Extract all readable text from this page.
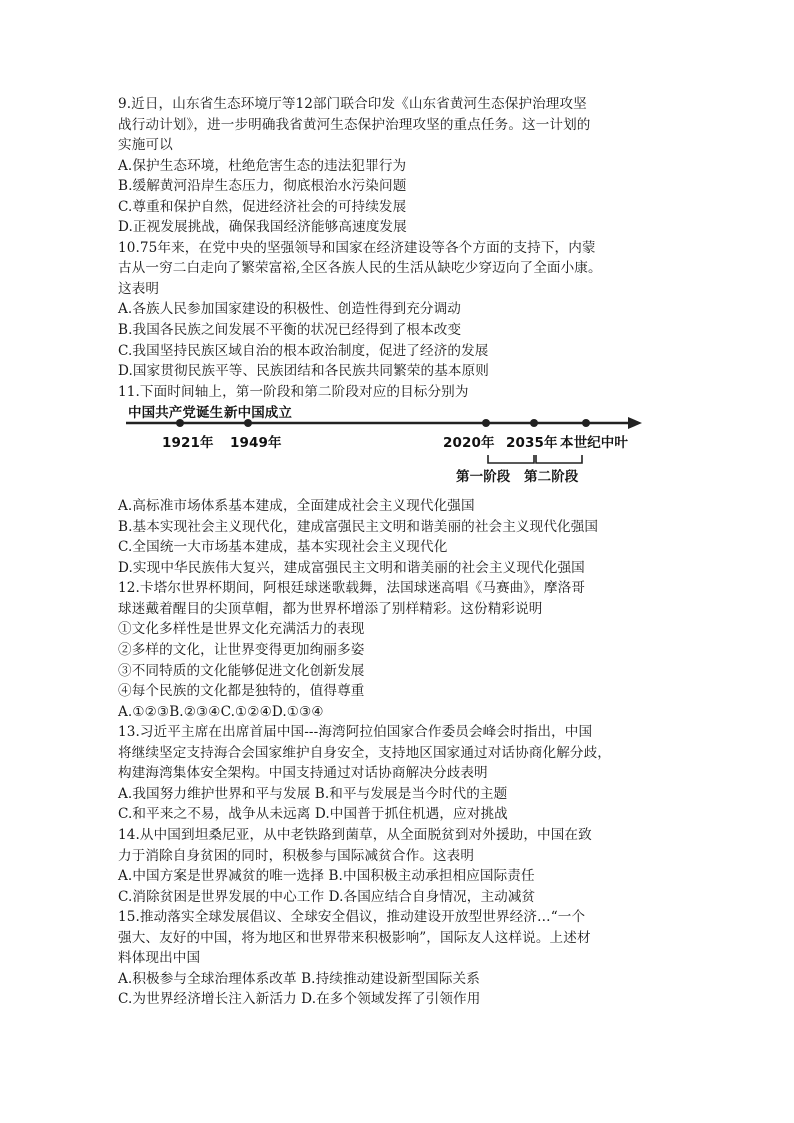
9.近日，山东省生态环境厅等12部门联合印发《山东省黄河生态保护治理攻坚
战行动计划》，进一步明确我省黄河生态保护治理攻坚的重点任务。这一计划的
实施可以
A.保护生态环境，杜绝危害生态的违法犯罪行为
B.缓解黄河沿岸生态压力，彻底根治水污染问题
C.尊重和保护自然，促进经济社会的可持续发展
D.正视发展挑战，确保我国经济能够高速度发展
10.75年来，在党中央的坚强领导和国家在经济建设等各个方面的支持下，内蒙
古从一穷二白走向了繁荣富裕,全区各族人民的生活从缺吃少穿迈向了全面小康。
这表明
A.各族人民参加国家建设的积极性、创造性得到充分调动
B.我国各民族之间发展不平衡的状况已经得到了根本改变
C.我国坚持民族区域自治的根本政治制度，促进了经济的发展
D.国家贯彻民族平等、民族团结和各民族共同繁荣的基本原则
11.下面时间轴上，第一阶段和第二阶段对应的目标分别为
中国共产党诞生 新中国成立
1921年 1949年	2020年 2035年 本世纪中叶
第一阶段 第二阶段
A.高标准市场体系基本建成，全面建成社会主义现代化强国
B.基本实现社会主义现代化，建成富强民主文明和谐美丽的社会主义现代化强国
C.全国统一大市场基本建成，基本实现社会主义现代化
D.实现中华民族伟大复兴，建成富强民主文明和谐美丽的社会主义现代化强国
12.卡塔尔世界杯期间，阿根廷球迷歌载舞，法国球迷高唱《马赛曲》，摩洛哥
球迷戴着醒目的尖顶草帽，都为世界杯增添了别样精彩。这份精彩说明
①文化多样性是世界文化充满活力的表现
②多样的文化，让世界变得更加绚丽多姿
③不同特质的文化能够促进文化创新发展
④每个民族的文化都是独特的，值得尊重
A.①②③B.②③④C.①②④D.①③④
13.习近平主席在出席首届中国---海湾阿拉伯国家合作委员会峰会时指出，中国
将继续坚定支持海合会国家维护自身安全，支持地区国家通过对话协商化解分歧，
构建海湾集体安全架构。中国支持通过对话协商解决分歧表明
A.我国努力维护世界和平与发展 B.和平与发展是当今时代的主题
C.和平来之不易，战争从未远离 D.中国普于抓住机遇，应对挑战
14.从中国到坦桑尼亚，从中老铁路到菌草，从全面脱贫到对外援助，中国在致
力于消除自身贫困的同时，积极参与国际减贫合作。这表明
A.中国方案是世界减贫的唯一选择 B.中国积极主动承担相应国际责任
C.消除贫困是世界发展的中心工作 D.各国应结合自身情况，主动减贫
15.推动落实全球发展倡议、全球安全倡议，推动建设开放型世界经济…“一个
强大、友好的中国，将为地区和世界带来积极影响”，国际友人这样说。上述材
料体现出中国
A.积极参与全球治理体系改革 B.持续推动建设新型国际关系
C.为世界经济增长注入新活力 D.在多个领域发挥了引领作用
